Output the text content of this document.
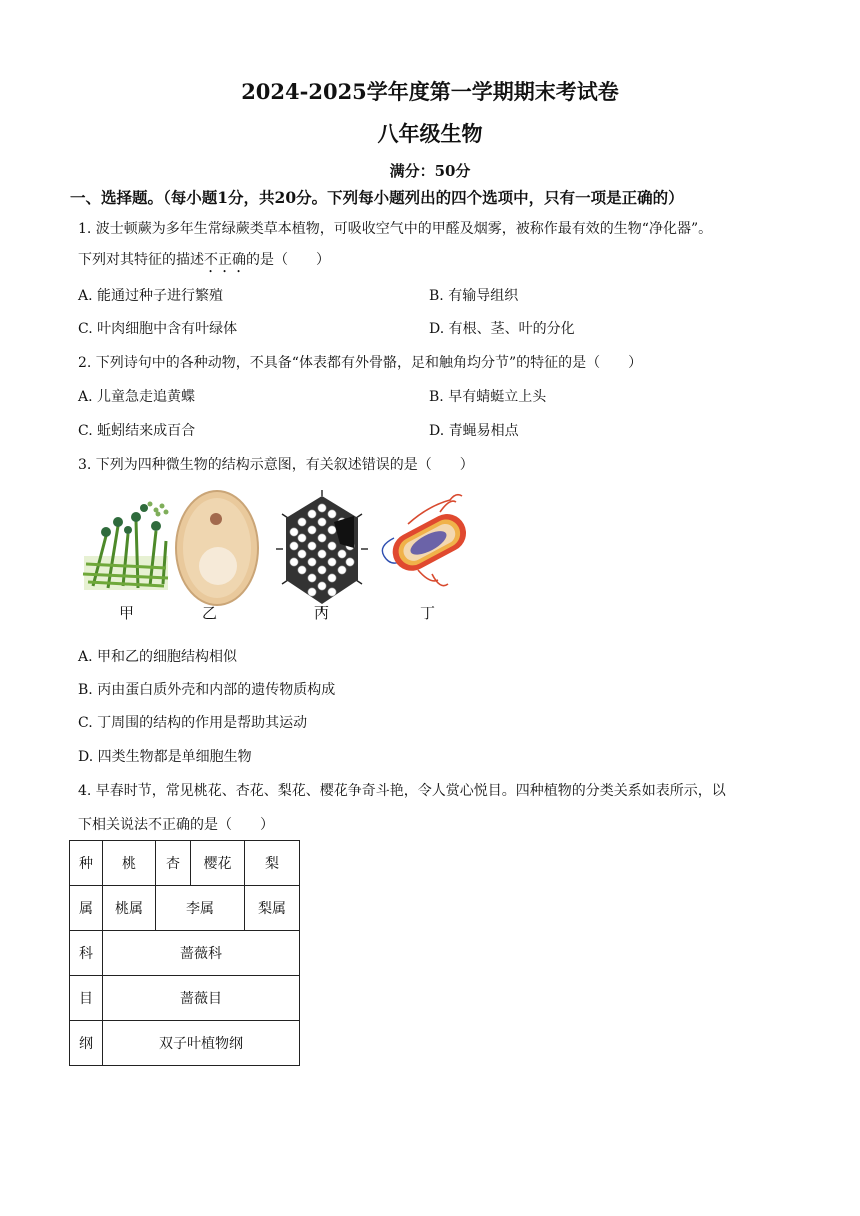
2024-2025学年度第一学期期末考试卷
八年级生物
满分：50分
一、选择题。（每小题1分，共20分。下列每小题列出的四个选项中，只有一项是正确的）
1. 波士顿蕨为多年生常绿蕨类草本植物，可吸收空气中的甲醛及烟雾，被称作最有效的生物“净化器”。
下列对其特征的描述不正确的是（　　）
A. 能通过种子进行繁殖	B. 有输导组织
C. 叶肉细胞中含有叶绿体	D. 有根、茎、叶的分化
2. 下列诗句中的各种动物，不具备“体表都有外骨骼，足和触角均分节”的特征的是（　　）
A. 儿童急走追黄蝶	B. 早有蜻蜓立上头
C. 蚯蚓结来成百合	D. 青蝇易相点
3. 下列为四种微生物的结构示意图，有关叙述错误的是（　　）
甲	乙	丙	丁
A. 甲和乙的细胞结构相似
B. 丙由蛋白质外壳和内部的遗传物质构成
C. 丁周围的结构的作用是帮助其运动
D. 四类生物都是单细胞生物
4. 早春时节，常见桃花、杏花、梨花、樱花争奇斗艳，令人赏心悦目。四种植物的分类关系如表所示，以
下相关说法不正确的是（　　）
种	桃	杏	樱花	梨
属	桃属	李属		梨属
科	蔷薇科			
目	蔷薇目			
纲	双子叶植物纲			
